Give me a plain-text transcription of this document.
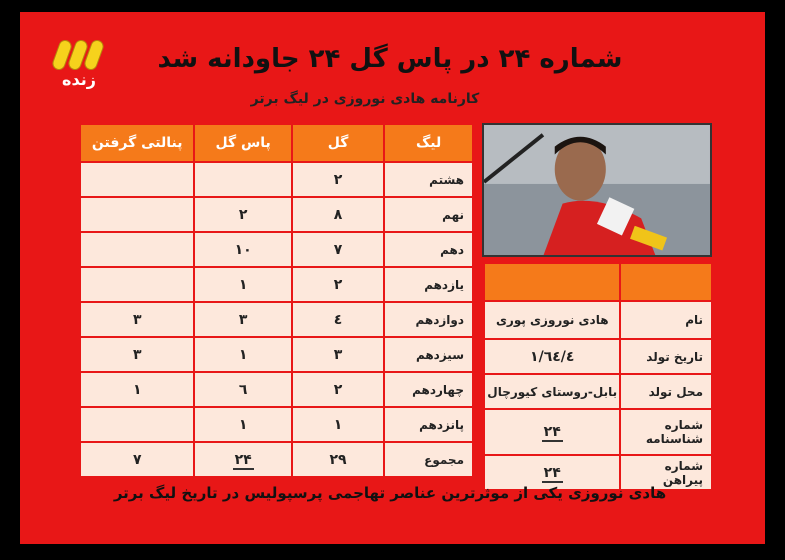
زنده
شماره ۲۴ در پاس گل ۲۴ جاودانه شد
کارنامه هادی نوروزی در لیگ برتر
لیگ	گل	پاس گل	پنالتی گرفتن
هشتم	۲		
نهم	۸	۲	
دهم	۷	۱۰	
یازدهم	۲	۱	
دوازدهم	٤	۳	۳
سیزدهم	۳	۱	۳
چهاردهم	۲	٦	۱
پانزدهم	۱	۱	
مجموع	۲۹	۲۴	۷

نام	هادی نوروزی پوری
تاریخ تولد	٦٤/٤/۱
محل تولد	بابل-روستای کیورچال
شماره شناسنامه	۲۴
شماره پیراهن	۲۴
هادی نوروزی یکی از موثرترین عناصر تهاجمی پرسپولیس در تاریخ لیگ برتر
